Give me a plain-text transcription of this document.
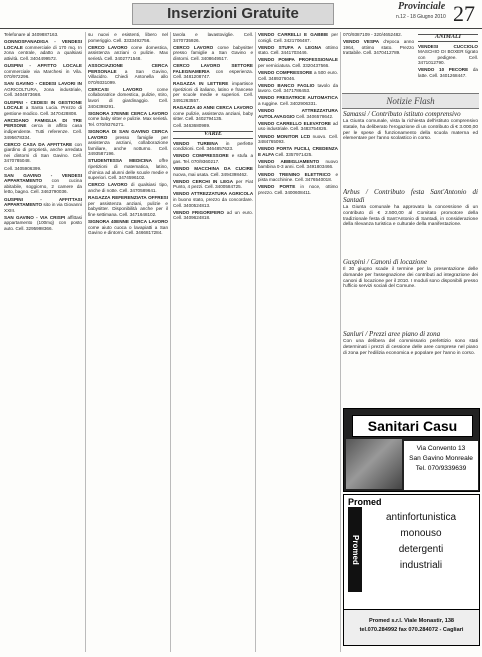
Inserzioni Gratuite	Provinciale
n.12 - 18 Giugno 2010 27

Telefonare al 3409887163.

GONNOSFANADIGA - VENDESI LOCALE commerciale di 170 mq. In zona centrale, adatto a qualsiasi attività. Cell. 3404499572.

GUSPINI - AFFITTO LOCALE commerciale via Marchesi in Vila. 070/972296.

SAN GAVINO - CEDESI LAVORI IN AGRICOLTURA, zona industriale, Cell. 3404873668.

GUSPINI - CEDESI IN GESTIONE LOCALE a Santa Lucia. Prezzo di gestione modico. Cell. 3470428808.

ARCIDANO FAMIGLIA DI TRE PERSONE cerca in affitto casa indipendente. Tutti referenze. Cell. 3495678334.

CERCO CASA DA AFFITTARE con giardino di proprietà, anche arredata nei dintorni di San Gavino. Cell. 3470785048.

Cell. 3405906399.

SAN GAVINO - VENDESI APPARTAMENTO con cucina abitabile, soggiorno, 2 camere da letto, bagno. Cell. 3463790036.

GUSPINI - AFFITTASI APPARTAMENTO sito in via Giovanni XXIII.

SAN GAVINO - VIA CRISPI affittasi appartamento (100mq) con posto auto. Cell. 3295998366.

su nuovi e esistenti, libero nel pomeriggio. Cell. 3333492756.

CERCO LAVORO come domestica, assistenza anziani o pulizie. Max serietà. Cell. 3402771548.

ASSOCIAZIONE CERCA PERSONALE a San Gavino, Villacidro. Chiedi Antonella allo 070/9331099.

CERCASI LAVORO come collaboratrice domestica, pulizie, stiro, lavori di giardinaggio. Cell. 3404398291.

SIGNORA 37ENNE CERCA LAVORO come baby sitter e pulizie. Max serietà. Tel. 070/9376271.

SIGNORA DI SAN GAVINO CERCA LAVORO presso famiglie per assistenza anziani, collaborazione familiare, anche notturno. Cell. 3493587196.

STUDENTESSA MEDICINA offre ripetizioni di matematica, latino, chimica ad alunni delle scuole medie e superiori. Cell. 3474596102.

CERCO LAVORO di qualsiasi tipo, anche di notte. Cell. 3470589641.

RAGAZZA REFERENZIATA OFFRESI per assistenza anziani, pulizie e babysitter. Disponibilità anche per il fine settimana. Cell. 3471648102.

SIGNORA 40ENNE CERCA LAVORO come aiuto cuoca o lavapiatti a San Gavino e dintorni. Cell. 3466817284.

tavola e lavastoviglie. Cell. 3470735926.

CERCO LAVORO come babysitter presso famiglie a San Gavino e dintorni. Cell. 3408649517.

CERCO LAVORO SETTORE FALEGNAMERIA con esperienza. Cell. 3481208747.

RAGAZZA IN LETTERE impartisce ripetizioni di italiano, latino e francese per scuole medie e superiori. Cell. 3491263557.

RAGAZZA 40 ANNI CERCA LAVORO come pulizie, assistenza anziani, baby sitter. Cell. 3402794135.

Cell. 3463680989.

VARIE

VENDO TURBINA in perfette condizioni. Cell. 3464857623.

VENDO COMPRESSORE e stufa a gas. Tel. 070/9360217.

VENDO MACCHINA DA CUCIRE nuova, mai usata. Cell. 3494398462.

VENDO CERCHI IN LEGA per Fiat Punto, 4 pezzi. Cell. 3400584725.

VENDO ATTREZZATURA AGRICOLA in buono stato, prezzo da concordare. Cell. 3400524813.

VENDO FRIGORIFERO ad un euro. Cell. 3409624818.

VENDO CARRELLI E GABBIE per conigli. Cell. 3421706487.

VENDO STUFA A LEGNA ottimo stato. Cell. 3441703446.

VENDO POMPA PROFESSIONALE per verniciatura. Cell. 3320437566.

VENDO COMPRESSORE a 500 euro. Cell. 3489376046.

VENDO BANCO FAGLIO tavolo da lavoro. Cell. 3471786453.

VENDO FRESATRICE AUTOMATICA a ruggine. Cell. 3402906331.

VENDO ATTREZZATURA AUTOLAVAGGIO Cell. 3406578642.

VENDO CARRELLO ELEVATORE ad uso industriale. Cell. 3483754826.

VENDO MONITOR LCD nuovo. Cell. 3484765093.

VENDO PORTA FUCILI, CREDENZA E ALFA Cell. 3357971425.

VENDO ABBIGLIAMENTO nuovo bambina 0-3 anni. Cell. 3491803466.

VENDO TRENINO ELETTRICO e pista macchinine. Cell. 3476540018.

VENDO PORTE in noce, ottimo prezzo. Cell. 3400608411.

070/9387109 - 320/4652482.

VENDO VESPA d'epoca anno 1964, ottimo stato. Prezzo trattabile. Cell. 3470412789.

ANIMALI

VENDESI CUCCIOLO MASCHIO DI BOXER tigrato con pedigree. Cell. 3471012790.

VENDO 10 PECORE da latte. Cell. 3401268447.

Notizie Flash
Samassi / Contributo istituto comprensivo

La Giunta comunale, vista la richiesta dell'istituto comprensivo statale, ha deliberato l'erogazione di un contributo di € 3.000,00 per le spese di funzionamento della scuola materna ed elementare per l'anno scolastico in corso.

Arbus / Contributo festa Sant'Antonio di Santadi

La Giunta comunale ha approvato la concessione di un contributo di € 2.500,00 al Comitato promotore della tradizionale festa di Sant'Antonio di Santadi, in considerazione della rilevanza turistica e culturale della manifestazione.

Guspini / Canoni di locazione

Il 30 giugno scade il termine per la presentazione delle domande per l'assegnazione dei contributi ad integrazione dei canoni di locazione per il 2010. I moduli sono disponibili presso l'ufficio servizi sociali del Comune.

Sanluri / Prezzi aree piano di zona

Con una delibera del commissario prefettizio sono stati determinati i prezzi di cessione delle aree comprese nel piano di zona per l'edilizia economica e popolare per l'anno in corso.

Sanitari Casu
Via Convento 13
San Gavino Monreale
Tel. 070/9339639
Promed
Promed
antinfortunistica
monouso
detergenti
industriali
Promed s.r.l. Viale Monastir, 138
tel.070.284992 fax 070.284072 - Cagliari
